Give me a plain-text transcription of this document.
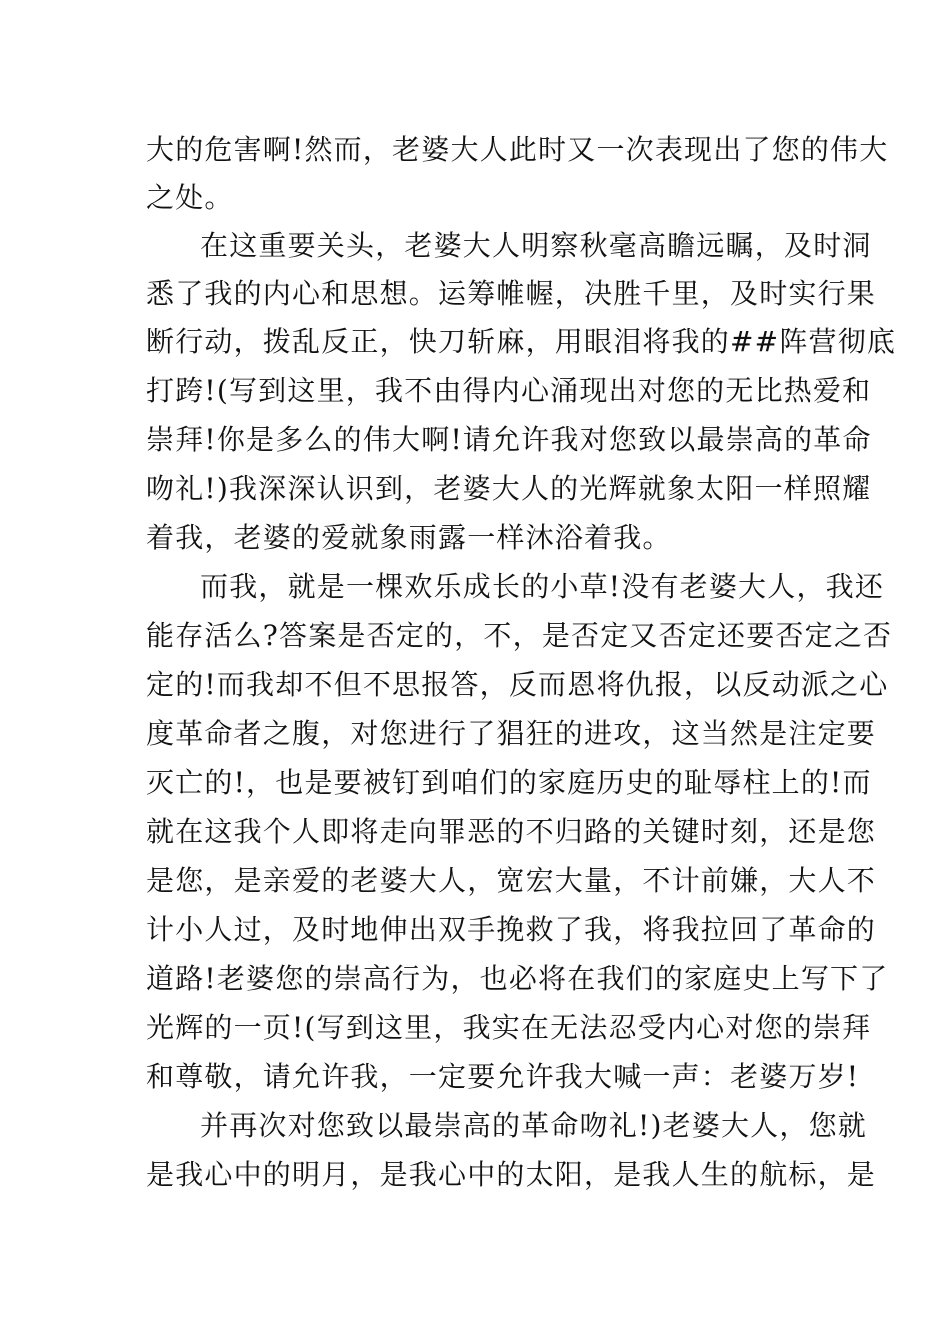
大的危害啊!然而，老婆大人此时又一次表现出了您的伟大
之处。
在这重要关头，老婆大人明察秋毫高瞻远瞩，及时洞
悉了我的内心和思想。运筹帷幄，决胜千里，及时实行果
断行动，拨乱反正，快刀斩麻，用眼泪将我的##阵营彻底
打跨!(写到这里，我不由得内心涌现出对您的无比热爱和
崇拜!你是多么的伟大啊!请允许我对您致以最崇高的革命
吻礼!)我深深认识到，老婆大人的光辉就象太阳一样照耀
着我，老婆的爱就象雨露一样沐浴着我。
而我，就是一棵欢乐成长的小草!没有老婆大人，我还
能存活么?答案是否定的，不，是否定又否定还要否定之否
定的!而我却不但不思报答，反而恩将仇报，以反动派之心
度革命者之腹，对您进行了猖狂的进攻，这当然是注定要
灭亡的!，也是要被钉到咱们的家庭历史的耻辱柱上的!而
就在这我个人即将走向罪恶的不归路的关键时刻，还是您
是您，是亲爱的老婆大人，宽宏大量，不计前嫌，大人不
计小人过，及时地伸出双手挽救了我，将我拉回了革命的
道路!老婆您的崇高行为，也必将在我们的家庭史上写下了
光辉的一页!(写到这里，我实在无法忍受内心对您的崇拜
和尊敬，请允许我，一定要允许我大喊一声：老婆万岁!
并再次对您致以最崇高的革命吻礼!)老婆大人，您就
是我心中的明月，是我心中的太阳，是我人生的航标，是
